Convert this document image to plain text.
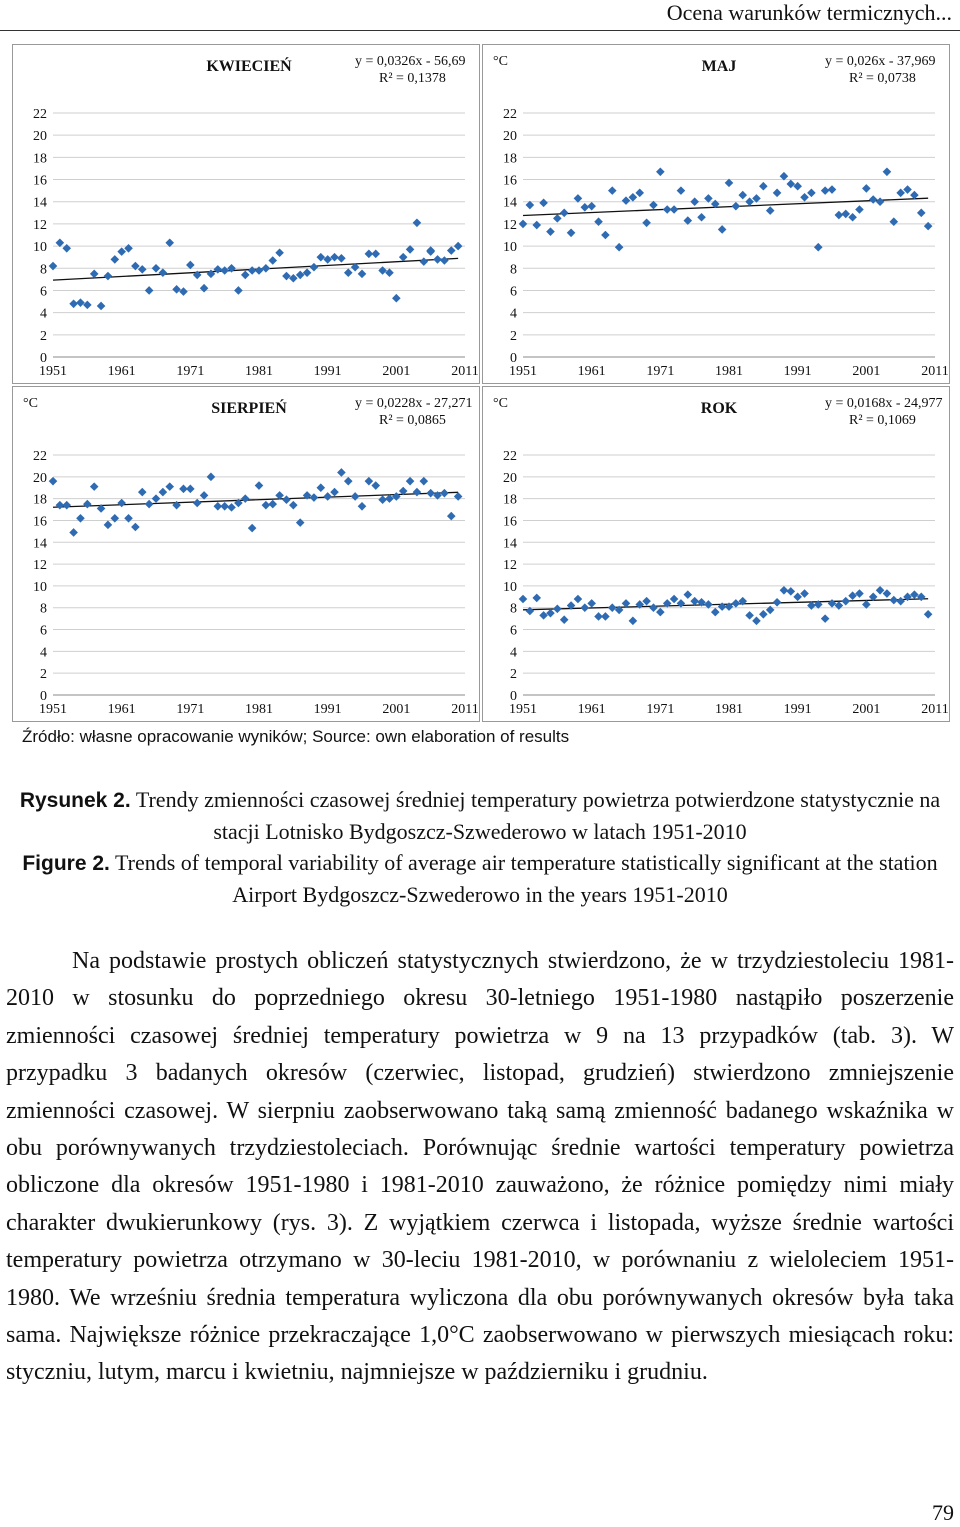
Ocena warunków termicznych...
22
20
18
16
14
12
10
8
6
4
2
0
1951	1961	1971	1981	1991	2001	2011
KWIECIEŃ	y = 0,0326x - 56,69
R² = 0,1378
22
20
18
16
14
12
10
8
6
4
2
0
1951	1961	1971	1981	1991	2001	2011
°C	MAJ	y = 0,026x - 37,969
R² = 0,0738
22
20
18
16
14
12
10
8
6
4
2
0
1951	1961	1971	1981	1991	2001	2011
°C	SIERPIEŃ	y = 0,0228x - 27,271
R² = 0,0865
22
20
18
16
14
12
10
8
6
4
2
0
1951	1961	1971	1981	1991	2001	2011
°C	ROK	y = 0,0168x - 24,977
R² = 0,1069
Źródło: własne opracowanie wyników; Source: own elaboration of results
Rysunek 2. Trendy zmienności czasowej średniej temperatury powietrza potwierdzone statystycznie na stacji Lotnisko Bydgoszcz-Szwederowo w latach 1951-2010
Figure 2. Trends of temporal variability of average air temperature statistically significant at the station Airport Bydgoszcz-Szwederowo in the years 1951-2010

Na podstawie prostych obliczeń statystycznych stwierdzono, że w trzydziestoleciu 1981-2010 w stosunku do poprzedniego okresu 30-letniego 1951-1980 nastąpiło poszerzenie zmienności czasowej średniej temperatury powietrza w 9 na 13 przypadków (tab. 3). W przypadku 3 badanych okresów (czerwiec, listopad, grudzień) stwierdzono zmniejszenie zmienności czasowej. W sierpniu zaobserwowano taką samą zmienność badanego wskaźnika w obu porównywanych trzydziestoleciach. Porównując średnie wartości temperatury powietrza obliczone dla okresów 1951-1980 i 1981-2010 zauważono, że różnice pomiędzy nimi miały charakter dwukierunkowy (rys. 3). Z wyjątkiem czerwca i listopada, wyższe średnie wartości temperatury powietrza otrzymano w 30-leciu 1981-2010, w porównaniu z wieloleciem 1951-1980. We wrześniu średnia temperatura wyliczona dla obu porównywanych okresów była taka sama. Największe różnice przekraczające 1,0°C zaobserwowano w pierwszych miesiącach roku: styczniu, lutym, marcu i kwietniu, najmniejsze w październiku i grudniu.

79
